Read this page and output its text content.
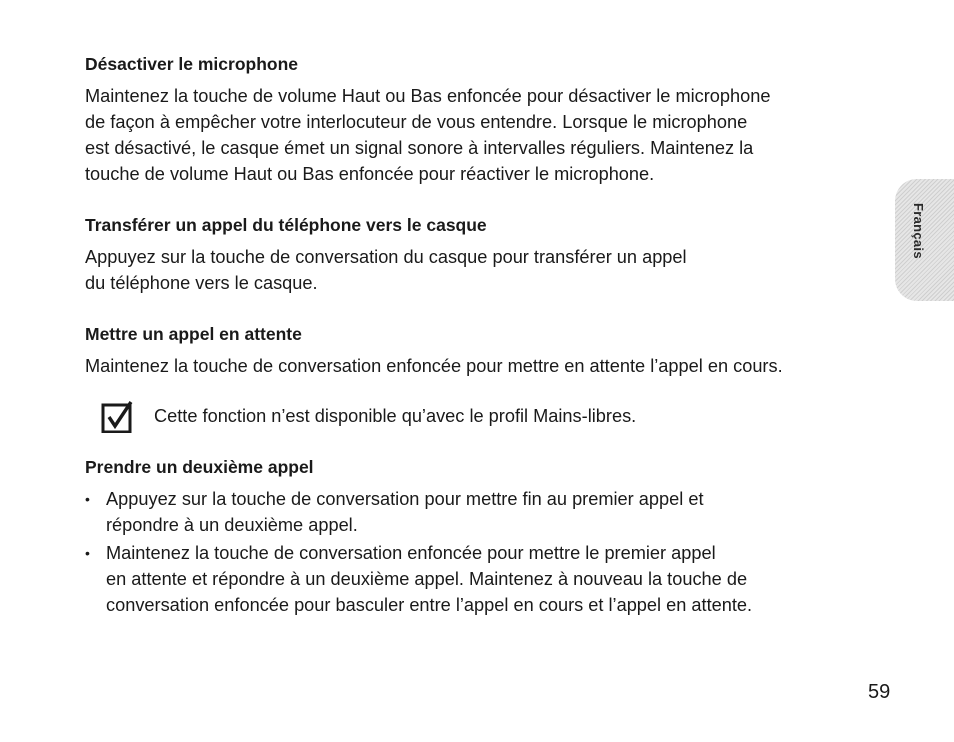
Désactiver le microphone

Maintenez la touche de volume Haut ou Bas enfoncée pour désactiver le microphone
de façon à empêcher votre interlocuteur de vous entendre. Lorsque le microphone
est désactivé, le casque émet un signal sonore à intervalles réguliers. Maintenez la
touche de volume Haut ou Bas enfoncée pour réactiver le microphone.

Transférer un appel du téléphone vers le casque

Appuyez sur la touche de conversation du casque pour transférer un appel
du téléphone vers le casque.

Mettre un appel en attente

Maintenez la touche de conversation enfoncée pour mettre en attente l’appel en cours.

Cette fonction n’est disponible qu’avec le profil Mains-libres.

Prendre un deuxième appel

• Appuyez sur la touche de conversation pour mettre fin au premier appel et
répondre à un deuxième appel.
• Maintenez la touche de conversation enfoncée pour mettre le premier appel
en attente et répondre à un deuxième appel. Maintenez à nouveau la touche de
conversation enfoncée pour basculer entre l’appel en cours et l’appel en attente.
Français
59
